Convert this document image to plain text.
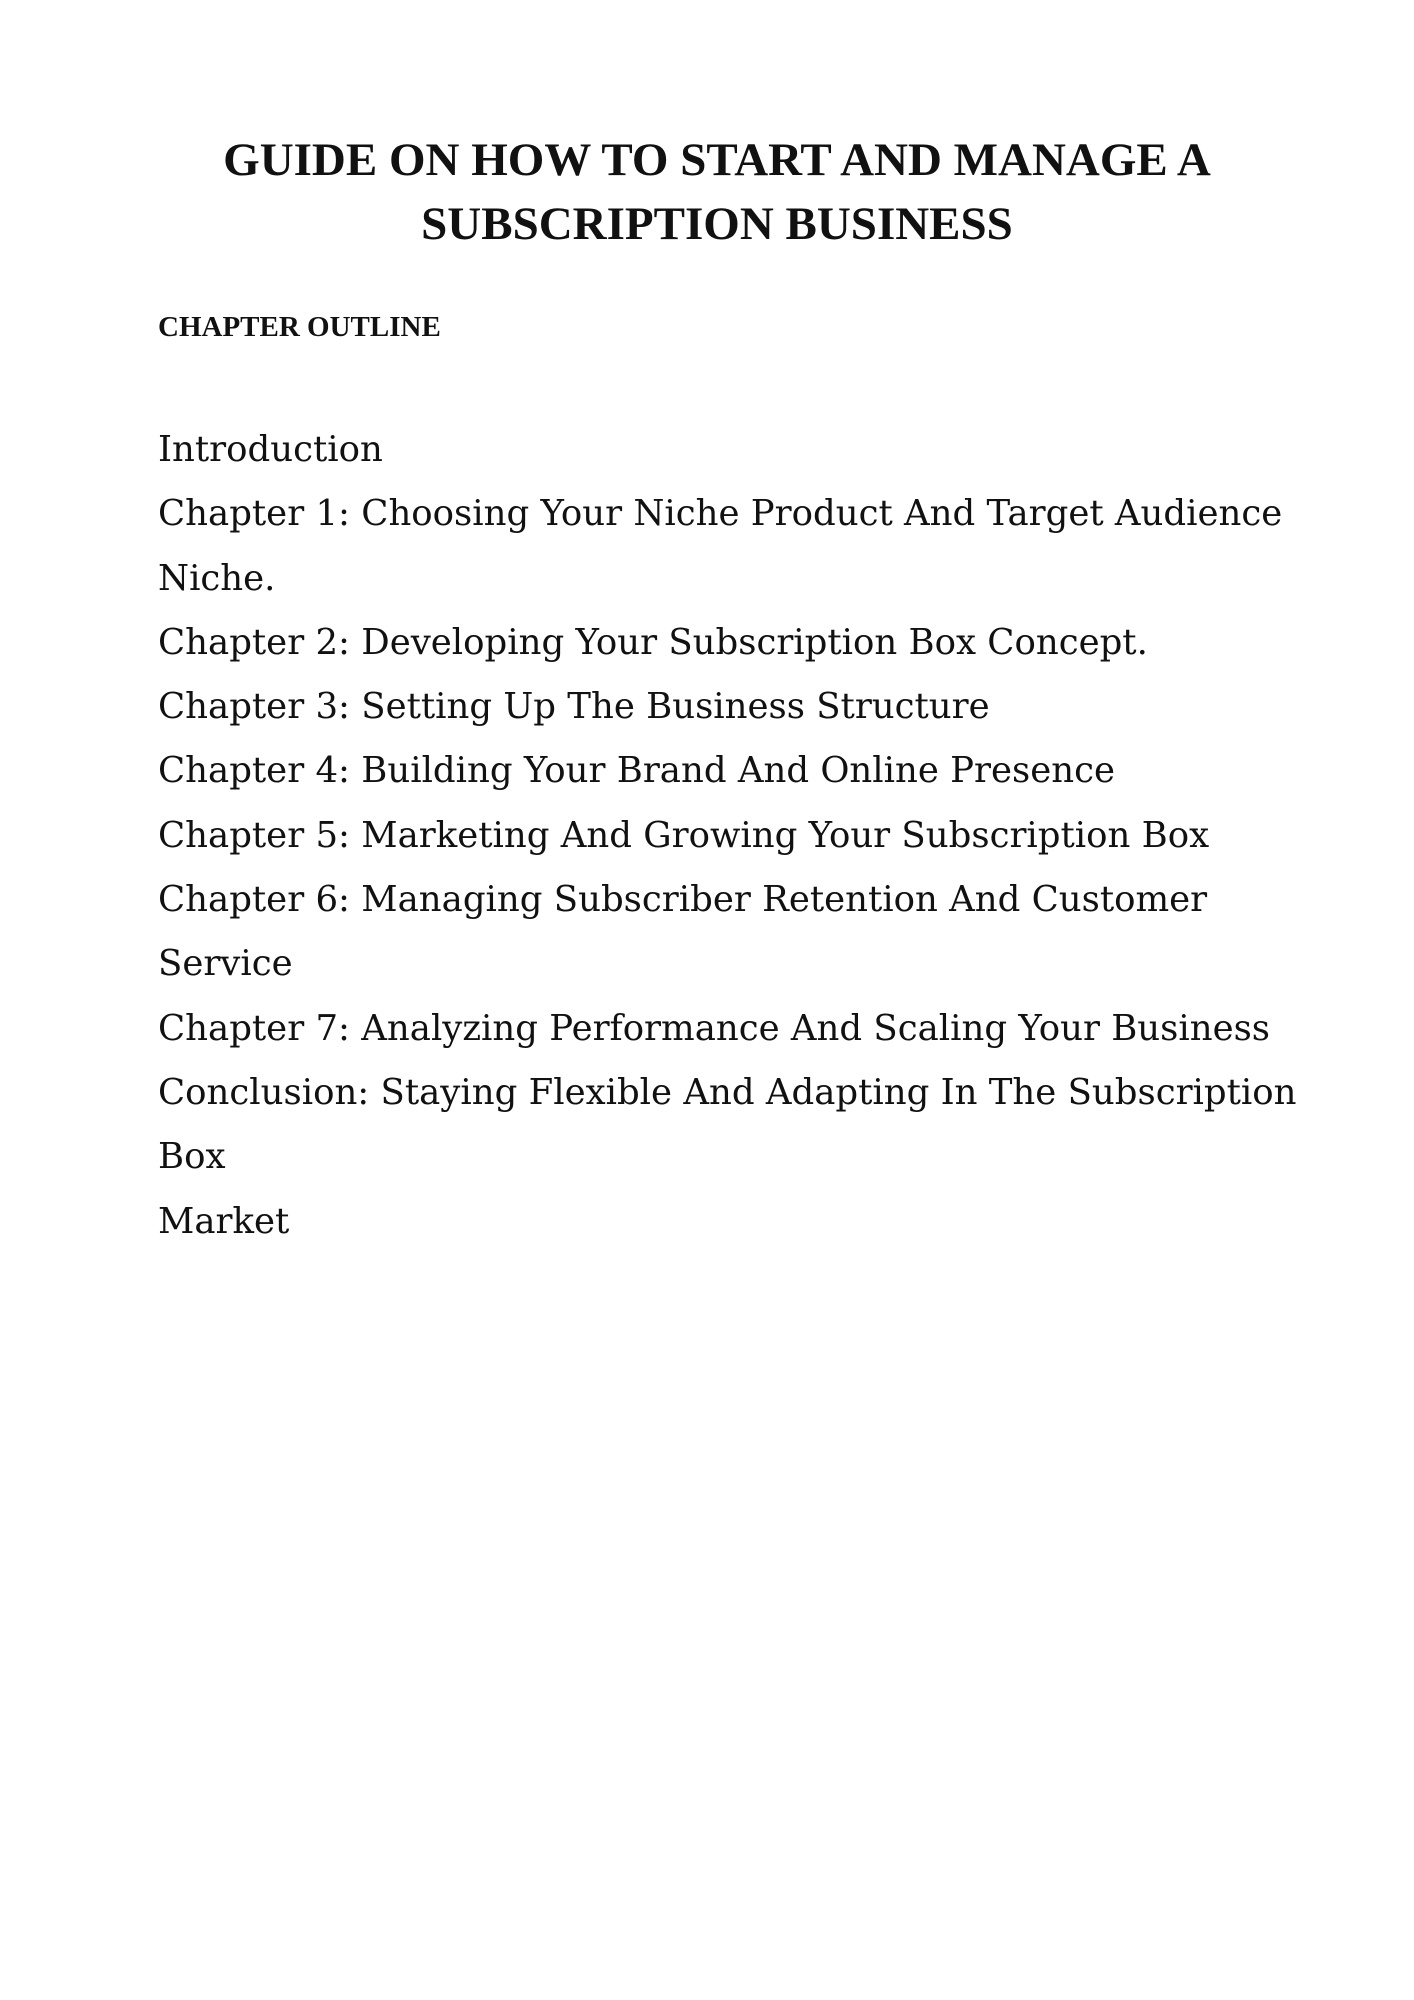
GUIDE ON HOW TO START AND MANAGE A
SUBSCRIPTION BUSINESS
CHAPTER OUTLINE
Introduction
Chapter 1: Choosing Your Niche Product And Target Audience
Niche.
Chapter 2: Developing Your Subscription Box Concept.
Chapter 3: Setting Up The Business Structure
Chapter 4: Building Your Brand And Online Presence
Chapter 5: Marketing And Growing Your Subscription Box
Chapter 6: Managing Subscriber Retention And Customer Service
Chapter 7: Analyzing Performance And Scaling Your Business
Conclusion: Staying Flexible And Adapting In The Subscription Box
Market
